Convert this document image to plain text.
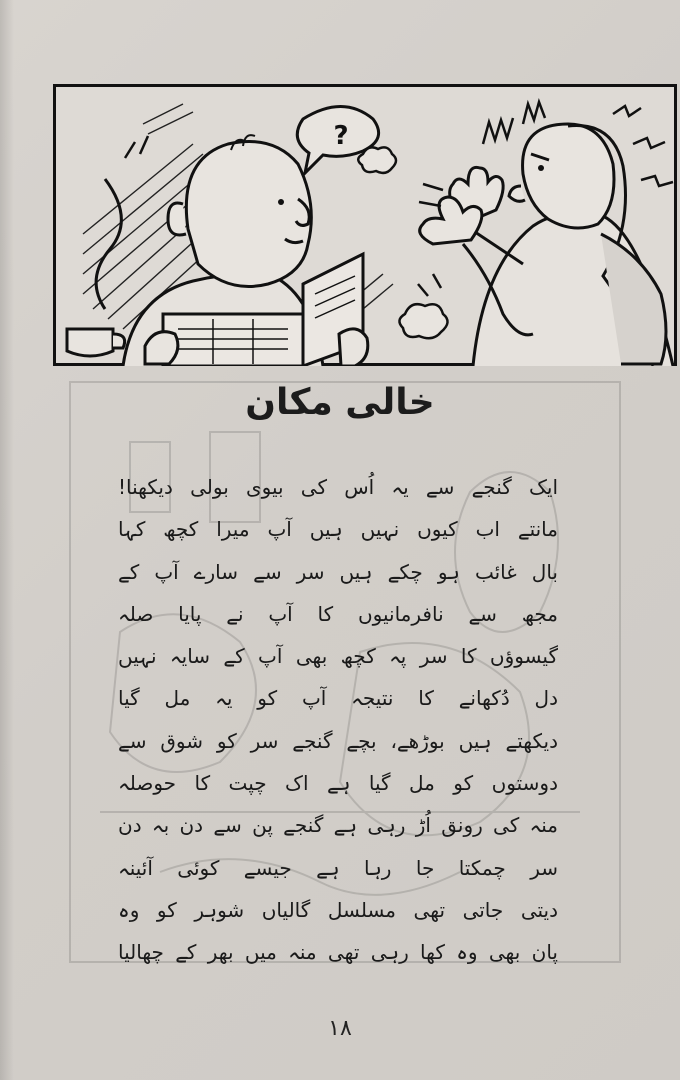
?
خالی مکان
ایک گنجے سے یہ اُس کی بیوی بولی دیکھنا!
مانتے اب کیوں نہیں ہیں آپ میرا کچھ کہا
بال غائب ہو چکے ہیں سر سے سارے آپ کے
مجھ سے نافرمانیوں کا آپ نے پایا صلہ
گیسوؤں کا سر پہ کچھ بھی آپ کے سایہ نہیں
دل دُکھانے کا نتیجہ آپ کو یہ مل گیا
دیکھتے ہیں بوڑھے، بچے گنجے سر کو شوق سے
دوستوں کو مل گیا ہے اک چپت کا حوصلہ
منہ کی رونق اُڑ رہی ہے گنجے پن سے دن بہ دن
سر چمکتا جا رہا ہے جیسے کوئی آئینہ
دیتی جاتی تھی مسلسل گالیاں شوہر کو وہ
پان بھی وہ کھا رہی تھی منہ میں بھر کے چھالیا
۱۸
